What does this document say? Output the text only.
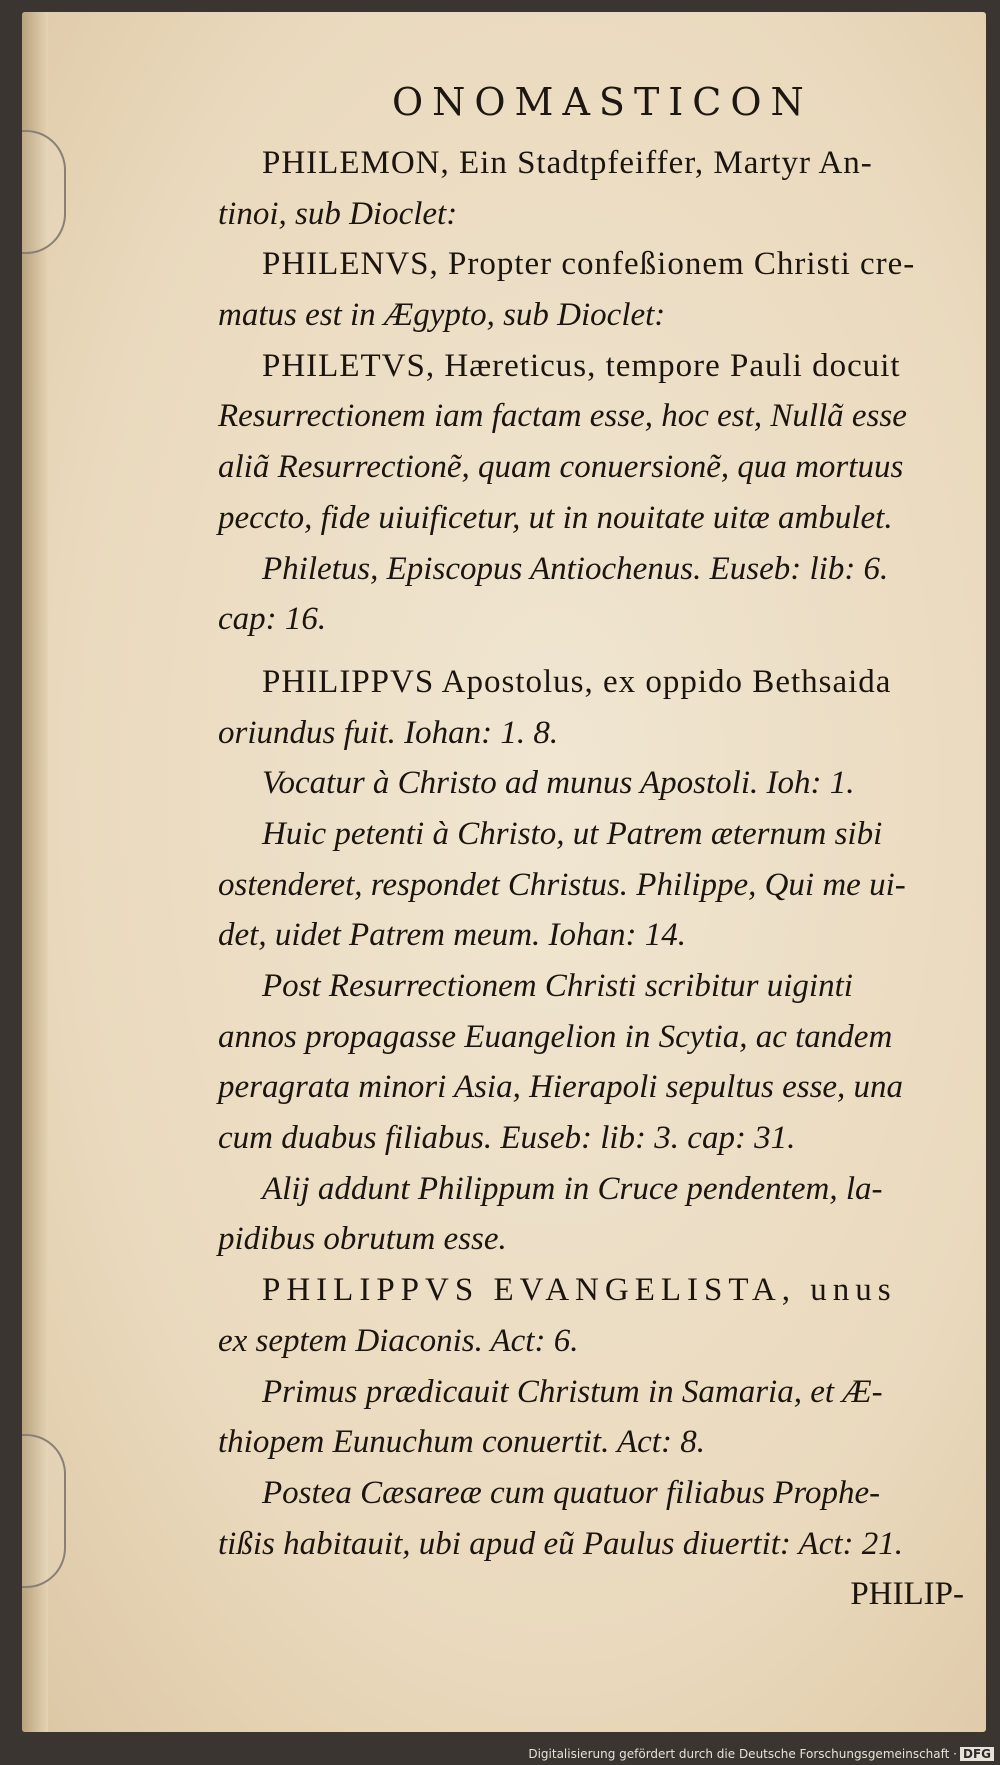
ONOMASTICON
PHILEMON, Ein Stadtpfeiffer, Martyr An-
tinoi, sub Dioclet:
PHILENVS, Propter confeßionem Christi cre-
matus est in Ægypto, sub Dioclet:
PHILETVS, Hæreticus, tempore Pauli docuit
Resurrectionem iam factam esse, hoc est, Nullã esse
aliã Resurrectionẽ, quam conuersionẽ, qua mortuus
peccto, fide uiuificetur, ut in nouitate uitæ ambulet.
Philetus, Episcopus Antiochenus. Euseb: lib: 6.
cap: 16.
PHILIPPVS Apostolus, ex oppido Bethsaida
oriundus fuit. Iohan: 1. 8.
Vocatur à Christo ad munus Apostoli. Ioh: 1.
Huic petenti à Christo, ut Patrem æternum sibi
ostenderet, respondet Christus. Philippe, Qui me ui-
det, uidet Patrem meum. Iohan: 14.
Post Resurrectionem Christi scribitur uiginti
annos propagasse Euangelion in Scytia, ac tandem
peragrata minori Asia, Hierapoli sepultus esse, una
cum duabus filiabus. Euseb: lib: 3. cap: 31.
Alij addunt Philippum in Cruce pendentem, la-
pidibus obrutum esse.
PHILIPPVS EVANGELISTA, unus
ex septem Diaconis. Act: 6.
Primus prædicauit Christum in Samaria, et Æ-
thiopem Eunuchum conuertit. Act: 8.
Postea Cæsareæ cum quatuor filiabus Prophe-
tißis habitauit, ubi apud eũ Paulus diuertit: Act: 21.
PHILIP-
Digitalisierung gefördert durch die Deutsche Forschungsgemeinschaft · DFG
